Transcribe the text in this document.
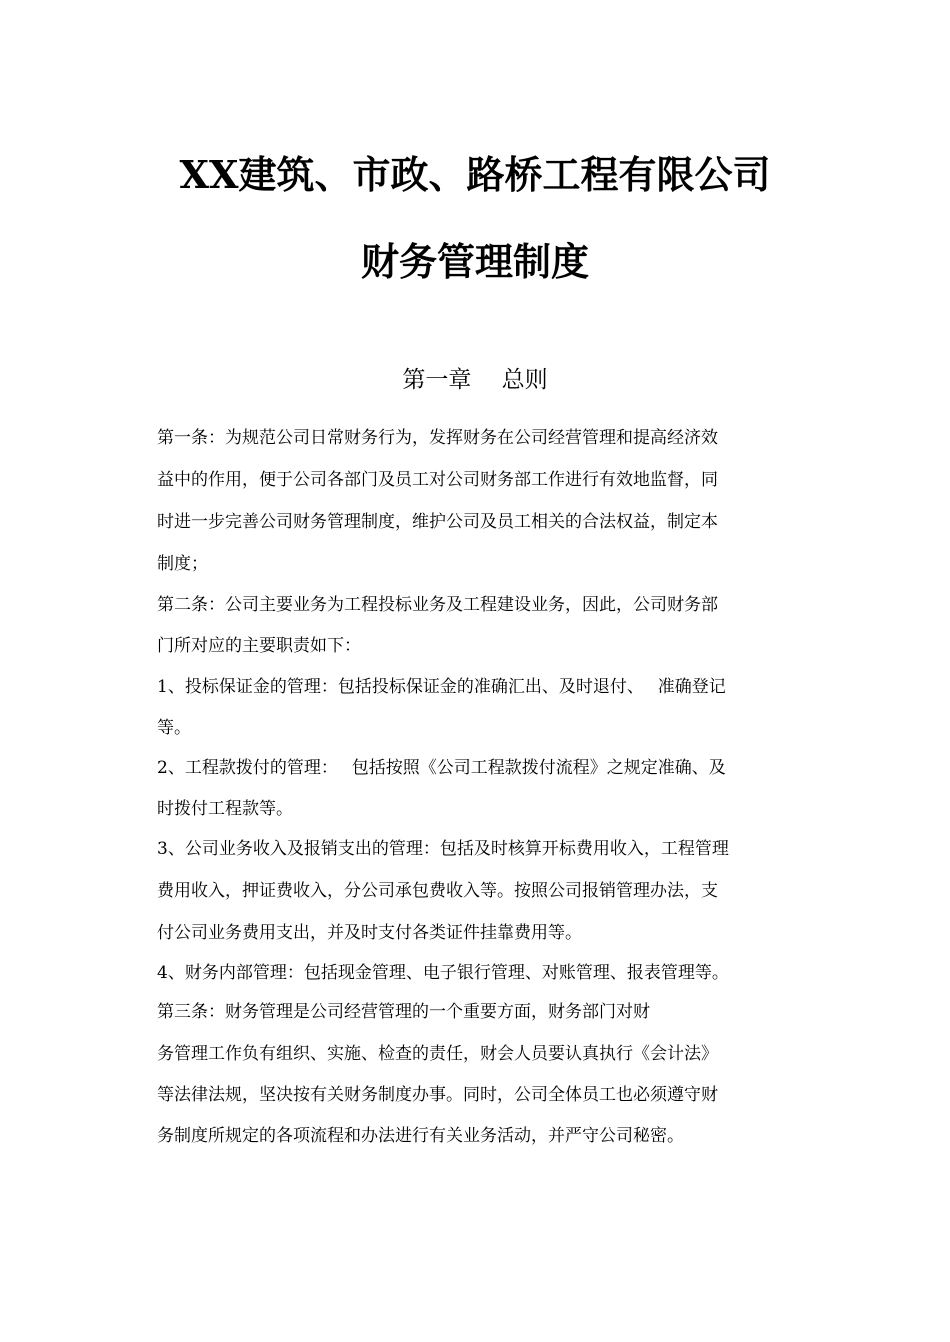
XX建筑、市政、路桥工程有限公司
财务管理制度
第一章　 总则
第一条：为规范公司日常财务行为，发挥财务在公司经营管理和提高经济效
益中的作用，便于公司各部门及员工对公司财务部工作进行有效地监督，同
时进一步完善公司财务管理制度，维护公司及员工相关的合法权益，制定本
制度；
第二条：公司主要业务为工程投标业务及工程建设业务，因此，公司财务部
门所对应的主要职责如下：
1、投标保证金的管理：包括投标保证金的准确汇出、及时退付、　 准确登记
等。
2、工程款拨付的管理：　 包括按照《公司工程款拨付流程》之规定准确、及
时拨付工程款等。
3、公司业务收入及报销支出的管理：包括及时核算开标费用收入，工程管理
费用收入，押证费收入，分公司承包费收入等。按照公司报销管理办法，支
付公司业务费用支出，并及时支付各类证件挂靠费用等。
4、财务内部管理：包括现金管理、电子银行管理、对账管理、报表管理等。
第三条：财务管理是公司经营管理的一个重要方面，财务部门对财
务管理工作负有组织、实施、检查的责任，财会人员要认真执行《会计法》
等法律法规，坚决按有关财务制度办事。同时，公司全体员工也必须遵守财
务制度所规定的各项流程和办法进行有关业务活动，并严守公司秘密。
